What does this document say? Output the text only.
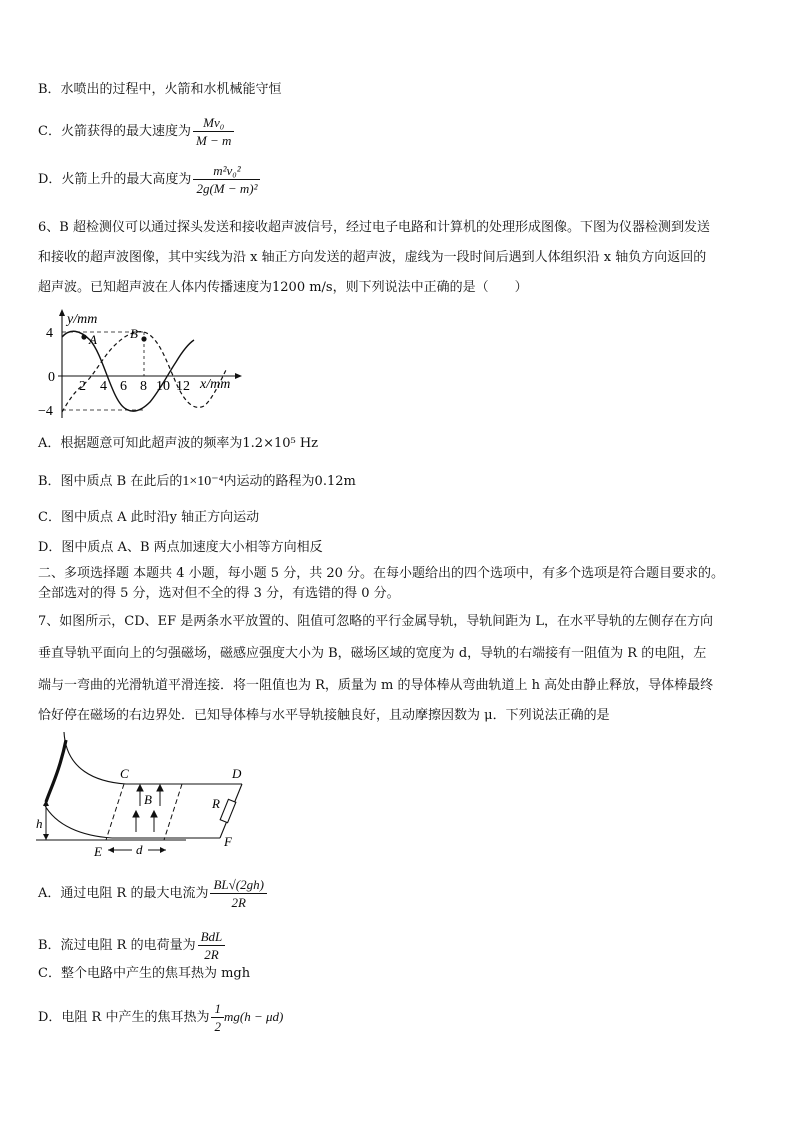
B．水喷出的过程中，火箭和水机械能守恒
C．火箭获得的最大速度为 $\frac{\text{Mv₀}}{M - m}$
D．火箭上升的最大高度为 $\frac{\text{m²v₀²}}{\text{2g(M − m)²}}$
6、B 超检测仪可以通过探头发送和接收超声波信号，经过电子电路和计算机的处理形成图像。下图为仪器检测到发送
和接收的超声波图像，其中实线为沿 x 轴正方向发送的超声波，虚线为一段时间后遇到人体组织沿 x 轴负方向返回的
超声波。已知超声波在人体内传播速度为1200 m/s，则下列说法中正确的是（　　）
y/mm
x/mm
A	B
4
0
−4
2 4 6 8 10 12
A．根据题意可知此超声波的频率为1.2×10⁵ Hz
B．图中质点 B 在此后的1×10⁻⁴内运动的路程为0.12m
C．图中质点 A 此时沿y 轴正方向运动
D．图中质点 A、B 两点加速度大小相等方向相反
二、多项选择题 本题共 4 小题，每小题 5 分，共 20 分。在每小题给出的四个选项中，有多个选项是符合题目要求的。
全部选对的得 5 分，选对但不全的得 3 分，有选错的得 0 分。
7、如图所示，CD、EF 是两条水平放置的、阻值可忽略的平行金属导轨，导轨间距为 L，在水平导轨的左侧存在方向
垂直导轨平面向上的匀强磁场，磁感应强度大小为 B，磁场区域的宽度为 d，导轨的右端接有一阻值为 R 的电阻，左
端与一弯曲的光滑轨道平滑连接．将一阻值也为 R，质量为 m 的导体棒从弯曲轨道上 h 高处由静止释放，导体棒最终
恰好停在磁场的右边界处．已知导体棒与水平导轨接触良好，且动摩擦因数为 μ．下列说法正确的是
C	D
E
F
B	R
h
d
A．通过电阻 R 的最大电流为 $\frac{BL√(2gh)}{2R}$
B．流过电阻 R 的电荷量为 $\frac{\text{BdL}}{2R}$
C．整个电路中产生的焦耳热为 mgh
D．电阻 R 中产生的焦耳热为 $\frac{1}{2} mg(h - \mu d)$
